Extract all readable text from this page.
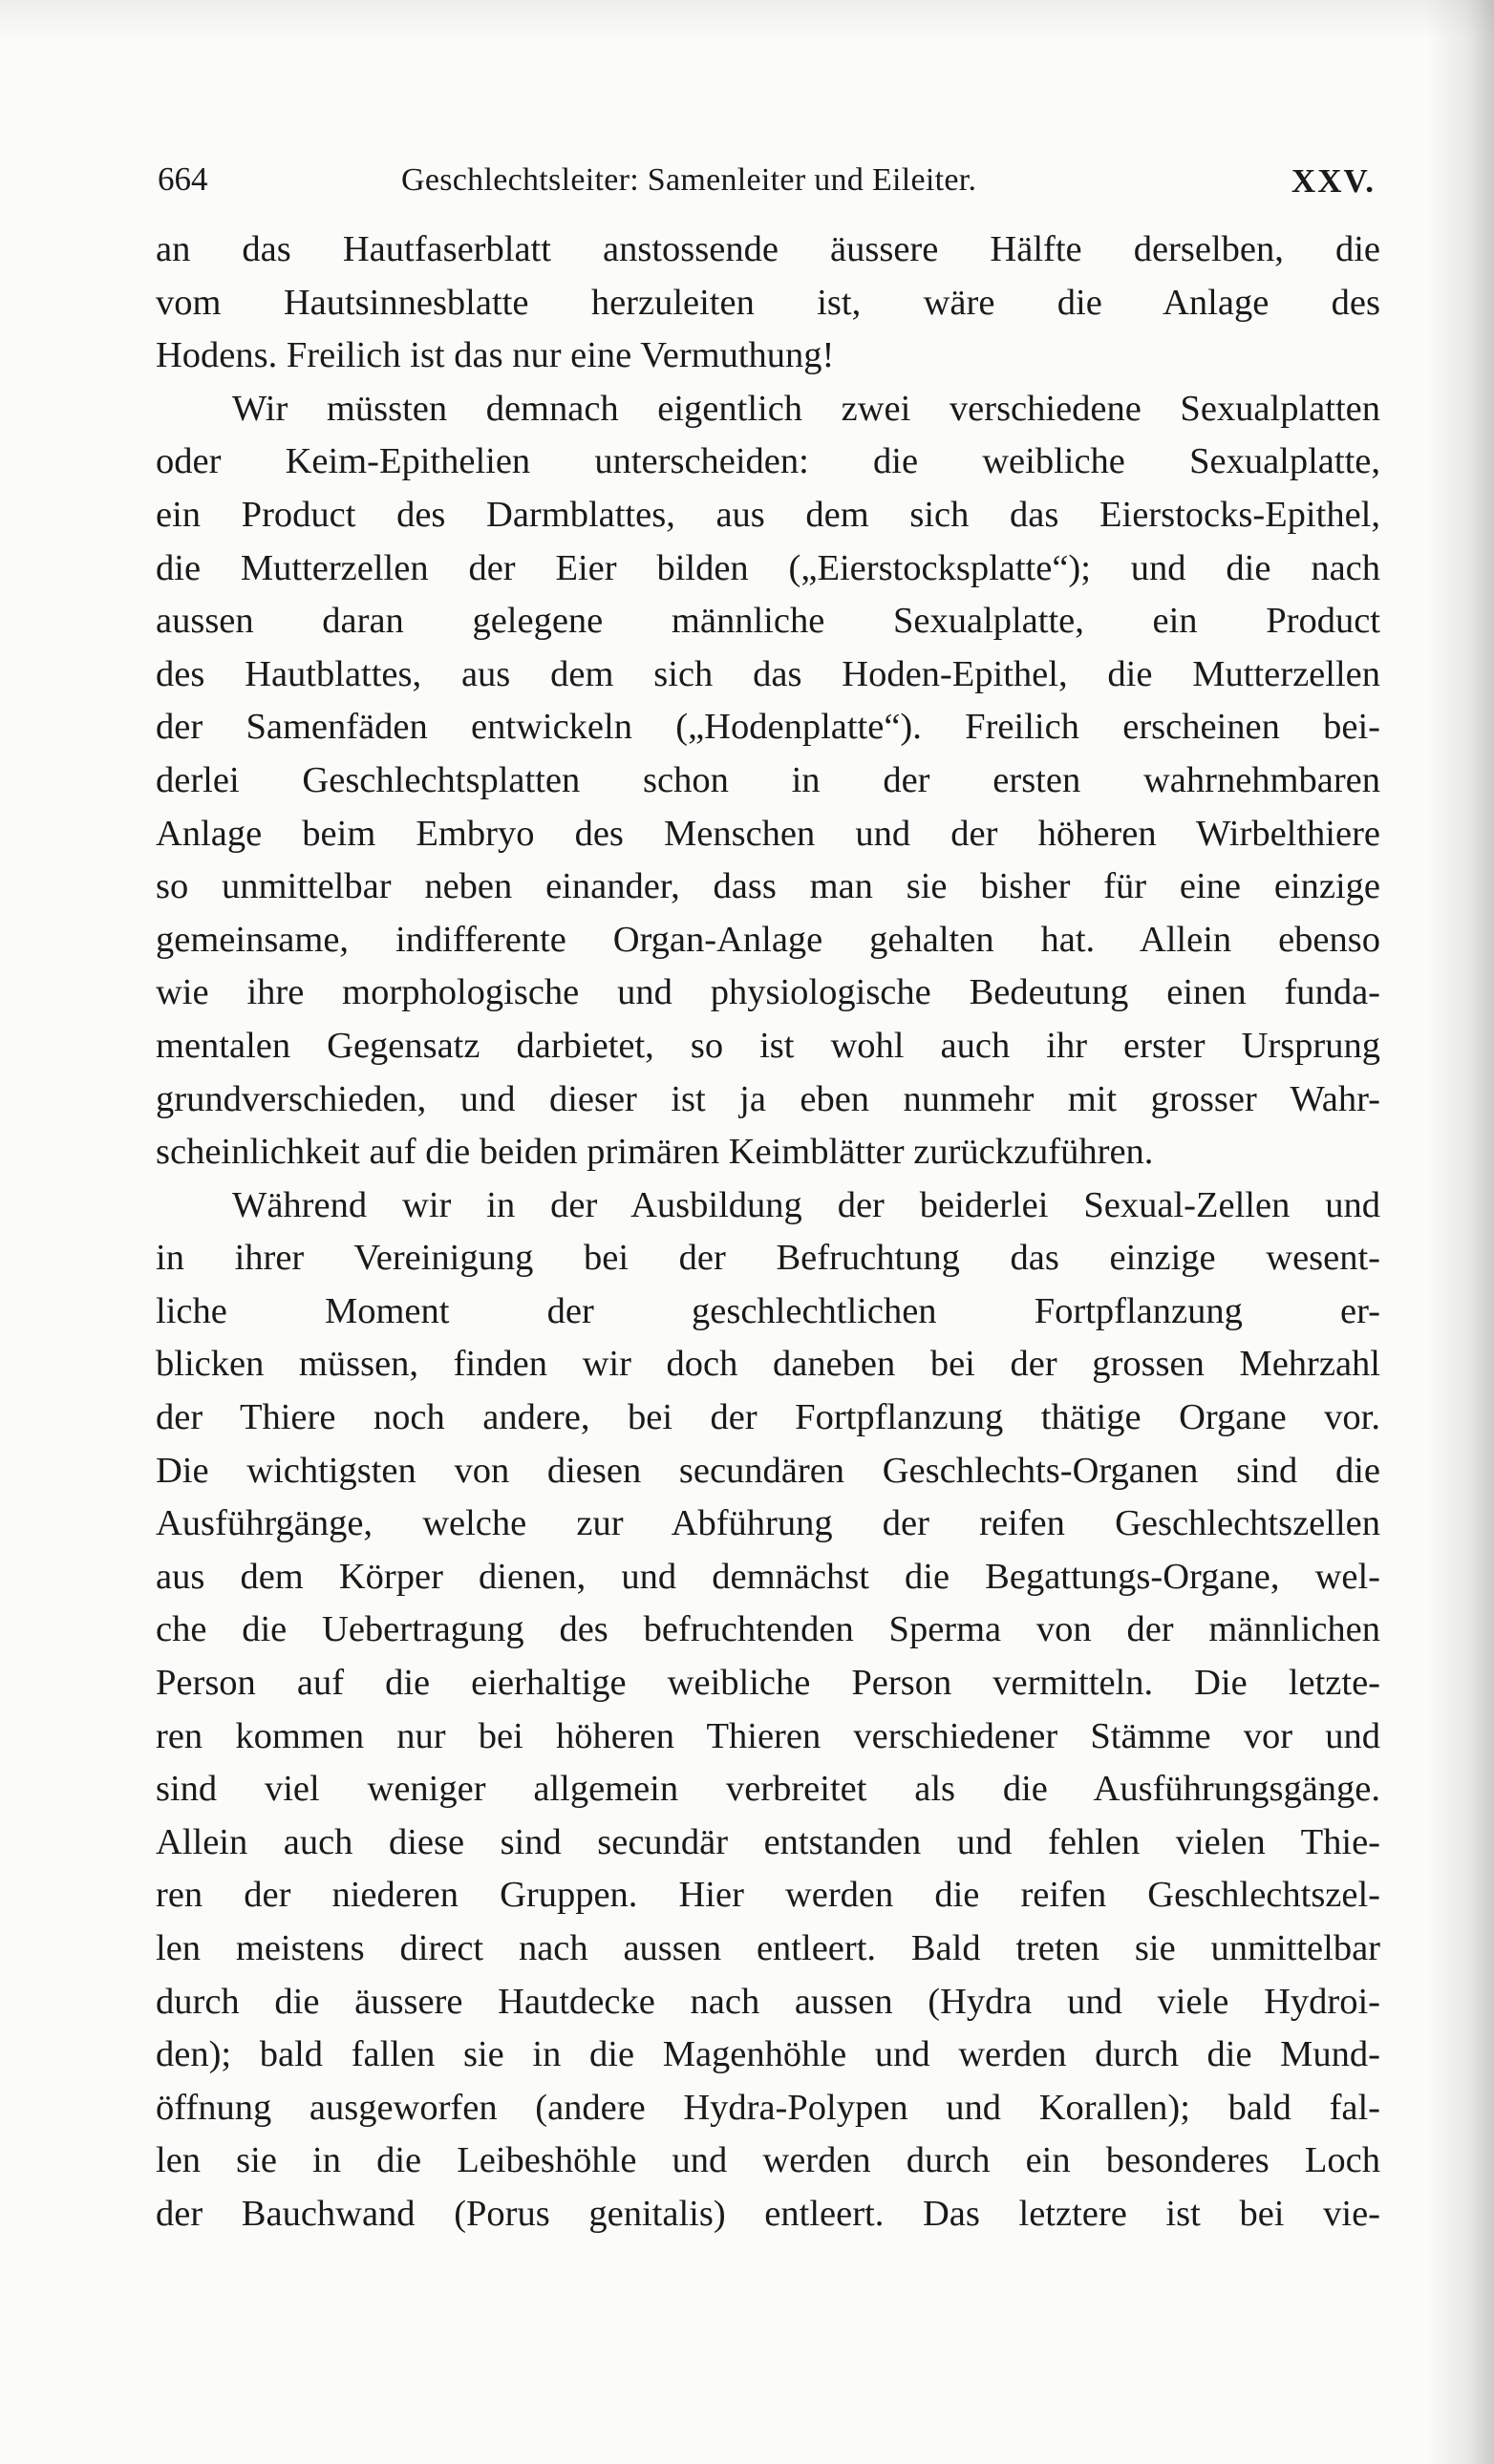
664	Geschlechtsleiter: Samenleiter und Eileiter.	XXV.
an das Hautfaserblatt anstossende äussere Hälfte derselben, die
vom Hautsinnesblatte herzuleiten ist, wäre die Anlage des
Hodens. Freilich ist das nur eine Vermuthung!
Wir müssten demnach eigentlich zwei verschiedene Sexualplatten
oder Keim-Epithelien unterscheiden: die weibliche Sexualplatte,
ein Product des Darmblattes, aus dem sich das Eierstocks-Epithel,
die Mutterzellen der Eier bilden („Eierstocksplatte“); und die nach
aussen daran gelegene männliche Sexualplatte, ein Product
des Hautblattes, aus dem sich das Hoden-Epithel, die Mutterzellen
der Samenfäden entwickeln („Hodenplatte“). Freilich erscheinen bei-
derlei Geschlechtsplatten schon in der ersten wahrnehmbaren
Anlage beim Embryo des Menschen und der höheren Wirbelthiere
so unmittelbar neben einander, dass man sie bisher für eine einzige
gemeinsame, indifferente Organ-Anlage gehalten hat. Allein ebenso
wie ihre morphologische und physiologische Bedeutung einen funda-
mentalen Gegensatz darbietet, so ist wohl auch ihr erster Ursprung
grundverschieden, und dieser ist ja eben nunmehr mit grosser Wahr-
scheinlichkeit auf die beiden primären Keimblätter zurückzuführen.
Während wir in der Ausbildung der beiderlei Sexual-Zellen und
in ihrer Vereinigung bei der Befruchtung das einzige wesent-
liche Moment der geschlechtlichen Fortpflanzung er-
blicken müssen, finden wir doch daneben bei der grossen Mehrzahl
der Thiere noch andere, bei der Fortpflanzung thätige Organe vor.
Die wichtigsten von diesen secundären Geschlechts-Organen sind die
Ausführgänge, welche zur Abführung der reifen Geschlechtszellen
aus dem Körper dienen, und demnächst die Begattungs-Organe, wel-
che die Uebertragung des befruchtenden Sperma von der männlichen
Person auf die eierhaltige weibliche Person vermitteln. Die letzte-
ren kommen nur bei höheren Thieren verschiedener Stämme vor und
sind viel weniger allgemein verbreitet als die Ausführungsgänge.
Allein auch diese sind secundär entstanden und fehlen vielen Thie-
ren der niederen Gruppen. Hier werden die reifen Geschlechtszel-
len meistens direct nach aussen entleert. Bald treten sie unmittelbar
durch die äussere Hautdecke nach aussen (Hydra und viele Hydroi-
den); bald fallen sie in die Magenhöhle und werden durch die Mund-
öffnung ausgeworfen (andere Hydra-Polypen und Korallen); bald fal-
len sie in die Leibeshöhle und werden durch ein besonderes Loch
der Bauchwand (Porus genitalis) entleert. Das letztere ist bei vie-
